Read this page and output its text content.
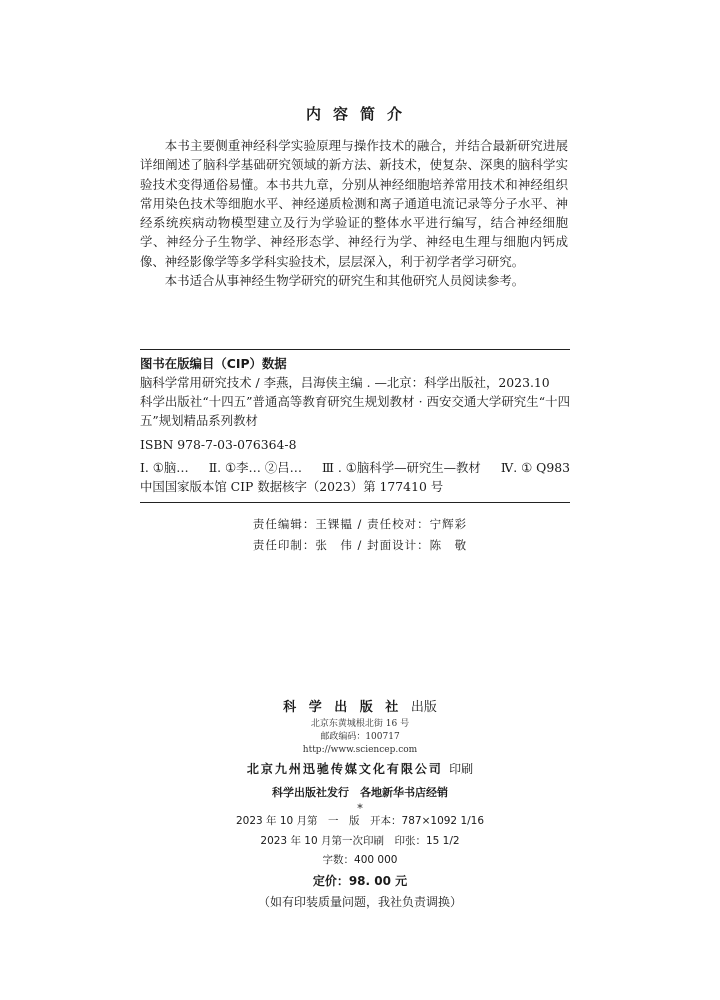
内容简介

本书主要侧重神经科学实验原理与操作技术的融合，并结合最新研究进展详细阐述了脑科学基础研究领域的新方法、新技术，使复杂、深奥的脑科学实验技术变得通俗易懂。本书共九章，分别从神经细胞培养常用技术和神经组织常用染色技术等细胞水平、神经递质检测和离子通道电流记录等分子水平、神经系统疾病动物模型建立及行为学验证的整体水平进行编写，结合神经细胞学、神经分子生物学、神经形态学、神经行为学、神经电生理与细胞内钙成像、神经影像学等多学科实验技术，层层深入，利于初学者学习研究。

本书适合从事神经生物学研究的研究生和其他研究人员阅读参考。

图书在版编目（CIP）数据
脑科学常用研究技术 / 李燕，吕海侠主编 . —北京：科学出版社，2023.10
科学出版社“十四五”普通高等教育研究生规划教材 · 西安交通大学研究生“十四五”规划精品系列教材
ISBN 978-7-03-076364-8
Ⅰ. ①脑… Ⅱ. ①李… ②吕… Ⅲ . ①脑科学—研究生—教材 Ⅳ. ① Q983
中国国家版本馆 CIP 数据核字（2023）第 177410 号
责任编辑：王锞韫 / 责任校对：宁辉彩
责任印制：张　伟 / 封面设计：陈　敬
科 学 出 版 社 出版
北京东黄城根北街 16 号
邮政编码：100717
http://www.sciencep.com
北京九州迅驰传媒文化有限公司 印刷
科学出版社发行　各地新华书店经销
*
2023 年 10 月第　一　版　开本：787×1092 1/16
2023 年 10 月第一次印刷　印张：15 1/2
字数：400 000
定价：98. 00 元
（如有印装质量问题，我社负责调换）
